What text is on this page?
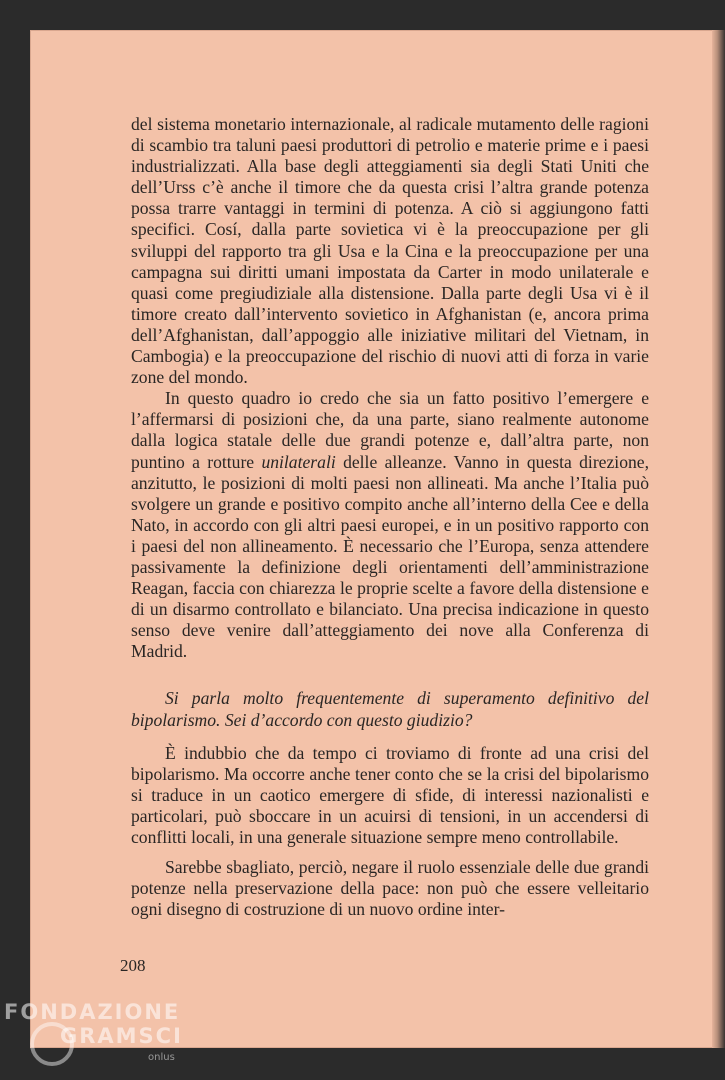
del sistema monetario internazionale, al radicale mutamento delle ragioni di scambio tra taluni paesi produttori di petrolio e materie prime e i paesi industrializzati. Alla base degli atteggiamenti sia degli Stati Uniti che dell’Urss c’è anche il timore che da questa crisi l’altra grande potenza possa trarre vantaggi in termini di potenza. A ciò si aggiungono fatti specifici. Cosí, dalla parte sovietica vi è la preoccupazione per gli sviluppi del rapporto tra gli Usa e la Cina e la preoccupazione per una campagna sui diritti umani impostata da Carter in modo unilaterale e quasi come pregiudiziale alla distensione. Dalla parte degli Usa vi è il timore creato dall’intervento sovietico in Afghanistan (e, ancora prima dell’Afghanistan, dall’appoggio alle iniziative militari del Vietnam, in Cambogia) e la preoccupazione del rischio di nuovi atti di forza in varie zone del mondo.

In questo quadro io credo che sia un fatto positivo l’emergere e l’affermarsi di posizioni che, da una parte, siano realmente autonome dalla logica statale delle due grandi potenze e, dall’altra parte, non puntino a rotture unilaterali delle alleanze. Vanno in questa direzione, anzitutto, le posizioni di molti paesi non allineati. Ma anche l’Italia può svolgere un grande e positivo compito anche all’interno della Cee e della Nato, in accordo con gli altri paesi europei, e in un positivo rapporto con i paesi del non allineamento. È necessario che l’Europa, senza attendere passivamente la definizione degli orientamenti dell’amministrazione Reagan, faccia con chiarezza le proprie scelte a favore della distensione e di un disarmo controllato e bilanciato. Una precisa indicazione in questo senso deve venire dall’atteggiamento dei nove alla Conferenza di Madrid.

Si parla molto frequentemente di superamento definitivo del bipolarismo. Sei d’accordo con questo giudizio?

È indubbio che da tempo ci troviamo di fronte ad una crisi del bipolarismo. Ma occorre anche tener conto che se la crisi del bipolarismo si traduce in un caotico emergere di sfide, di interessi nazionalisti e particolari, può sboccare in un acuirsi di tensioni, in un accendersi di conflitti locali, in una generale situazione sempre meno controllabile.

Sarebbe sbagliato, perciò, negare il ruolo essenziale delle due grandi potenze nella preservazione della pace: non può che essere velleitario ogni disegno di costruzione di un nuovo ordine inter-

208
FONDAZIONE
GRAMSCI
onlus
